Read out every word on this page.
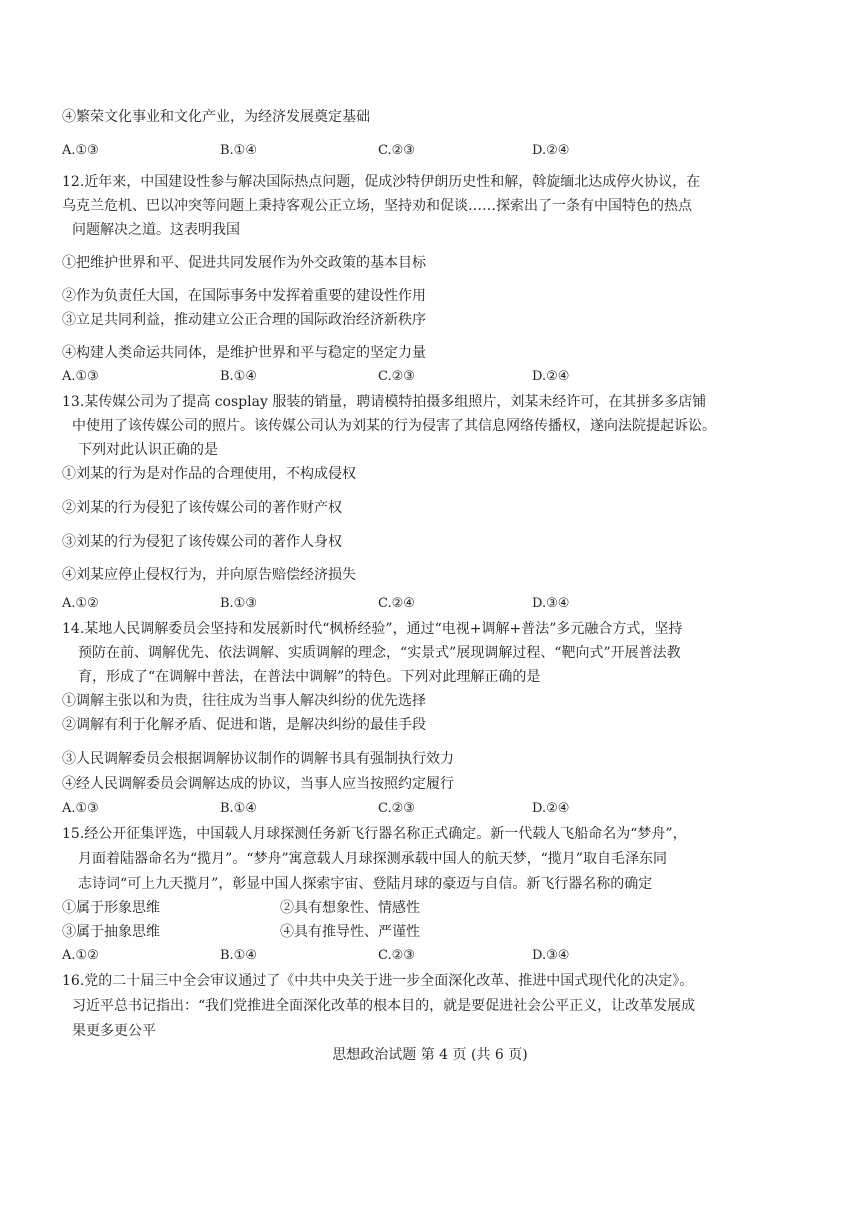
④繁荣文化事业和文化产业，为经济发展奠定基础
A.①③	B.①④	C.②③	D.②④
12.近年来，中国建设性参与解决国际热点问题，促成沙特伊朗历史性和解，斡旋缅北达成停火协议，在
乌克兰危机、巴以冲突等问题上秉持客观公正立场，坚持劝和促谈……探索出了一条有中国特色的热点
问题解决之道。这表明我国
①把维护世界和平、促进共同发展作为外交政策的基本目标
②作为负责任大国，在国际事务中发挥着重要的建设性作用
③立足共同利益，推动建立公正合理的国际政治经济新秩序
④构建人类命运共同体，是维护世界和平与稳定的坚定力量
A.①③	B.①④	C.②③	D.②④
13.某传媒公司为了提高 cosplay 服装的销量，聘请模特拍摄多组照片，刘某未经许可，在其拼多多店铺
中使用了该传媒公司的照片。该传媒公司认为刘某的行为侵害了其信息网络传播权，遂向法院提起诉讼。
下列对此认识正确的是
①刘某的行为是对作品的合理使用，不构成侵权
②刘某的行为侵犯了该传媒公司的著作财产权
③刘某的行为侵犯了该传媒公司的著作人身权
④刘某应停止侵权行为，并向原告赔偿经济损失
A.①②	B.①③	C.②④	D.③④
14.某地人民调解委员会坚持和发展新时代“枫桥经验”，通过“电视+调解+普法”多元融合方式，坚持
预防在前、调解优先、依法调解、实质调解的理念，“实景式”展现调解过程、“靶向式”开展普法教
育，形成了“在调解中普法，在普法中调解”的特色。下列对此理解正确的是
①调解主张以和为贵，往往成为当事人解决纠纷的优先选择
②调解有利于化解矛盾、促进和谐，是解决纠纷的最佳手段
③人民调解委员会根据调解协议制作的调解书具有强制执行效力
④经人民调解委员会调解达成的协议，当事人应当按照约定履行
A.①③	B.①④	C.②③	D.②④
15.经公开征集评选，中国载人月球探测任务新飞行器名称正式确定。新一代载人飞船命名为“梦舟”，
月面着陆器命名为“揽月”。“梦舟”寓意载人月球探测承载中国人的航天梦，“揽月”取自毛泽东同
志诗词“可上九天揽月”，彰显中国人探索宇宙、登陆月球的豪迈与自信。新飞行器名称的确定
①属于形象思维	②具有想象性、情感性
③属于抽象思维	④具有推导性、严谨性
A.①②	B.①④	C.②③	D.③④
16.党的二十届三中全会审议通过了《中共中央关于进一步全面深化改革、推进中国式现代化的决定》。
习近平总书记指出：“我们党推进全面深化改革的根本目的，就是要促进社会公平正义，让改革发展成
果更多更公平
思想政治试题 第 4 页 (共 6 页)
